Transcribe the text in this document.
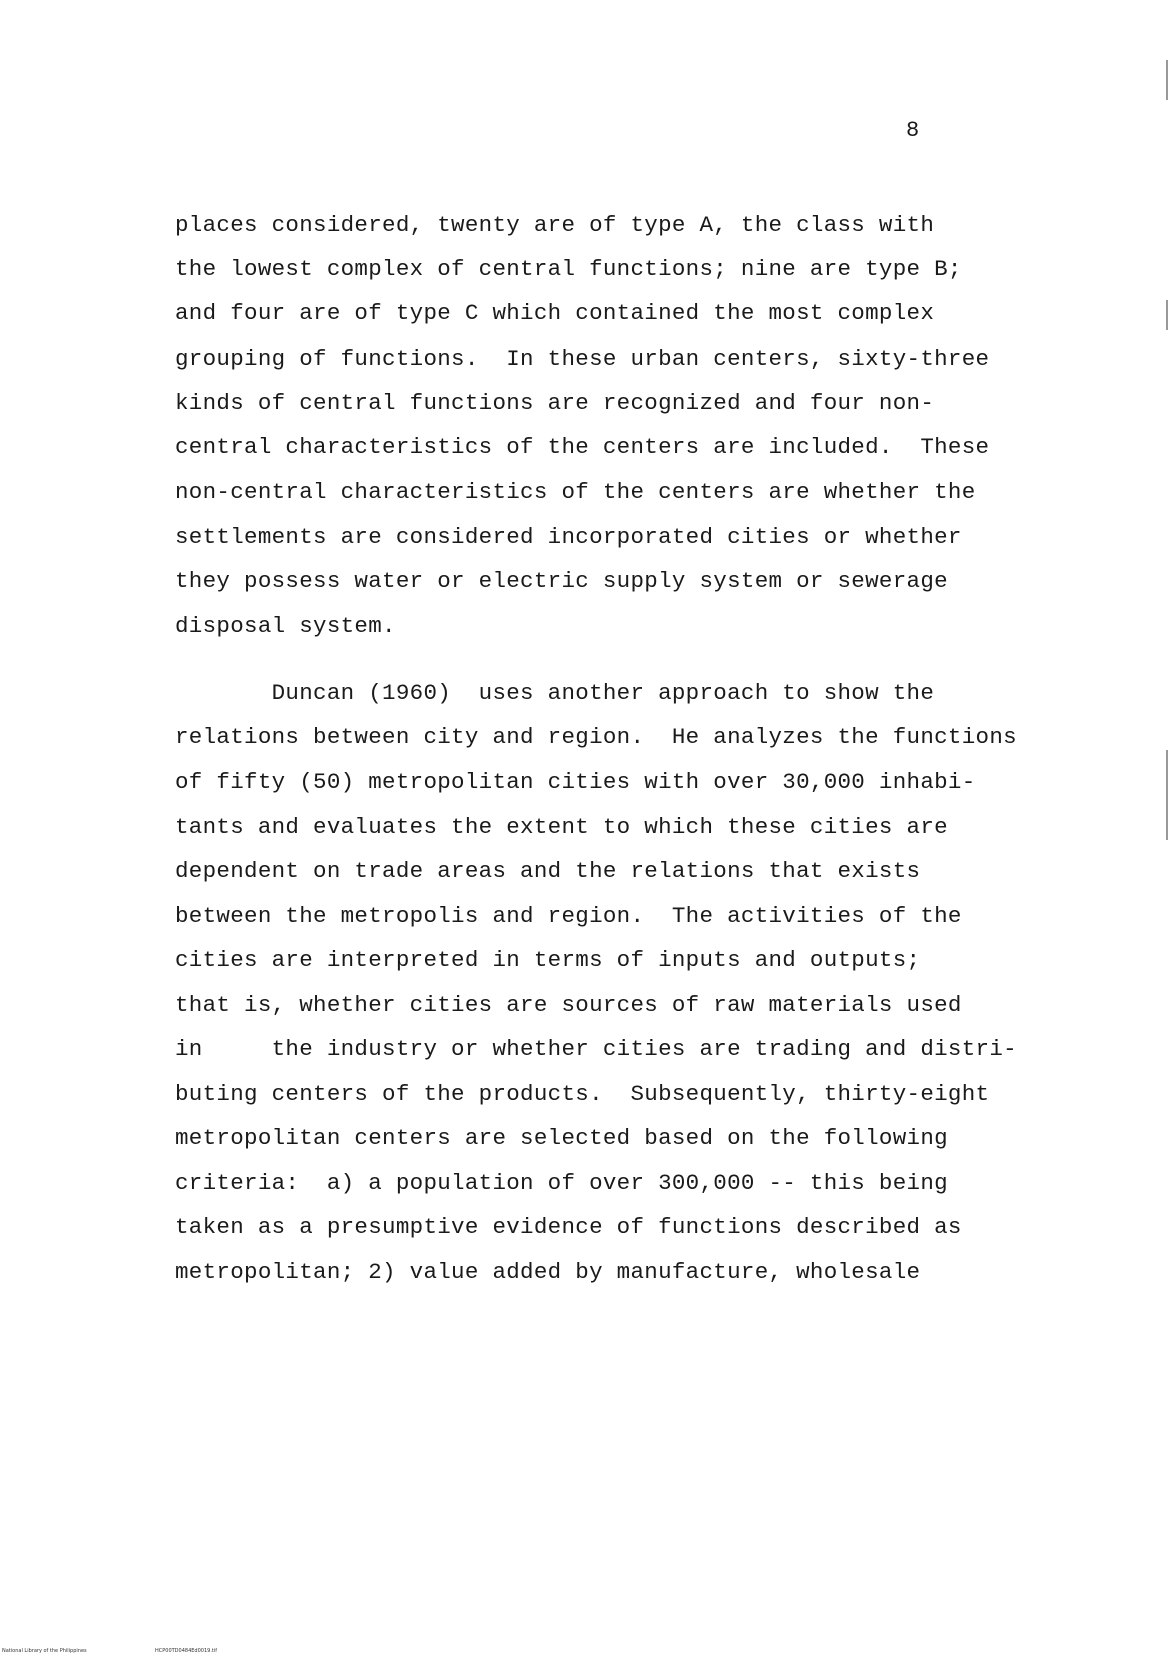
8
places considered, twenty are of type A, the class with
the lowest complex of central functions; nine are type B;
and four are of type C which contained the most complex
grouping of functions.  In these urban centers, sixty-three
kinds of central functions are recognized and four non-
central characteristics of the centers are included.  These
non-central characteristics of the centers are whether the
settlements are considered incorporated cities or whether
they possess water or electric supply system or sewerage
disposal system.
Duncan (1960)  uses another approach to show the
relations between city and region.  He analyzes the functions
of fifty (50) metropolitan cities with over 30,000 inhabi-
tants and evaluates the extent to which these cities are
dependent on trade areas and the relations that exists
between the metropolis and region.  The activities of the
cities are interpreted in terms of inputs and outputs;
that is, whether cities are sources of raw materials used
in     the industry or whether cities are trading and distri-
buting centers of the products.  Subsequently, thirty-eight
metropolitan centers are selected based on the following
criteria:  a) a population of over 300,000 -- this being
taken as a presumptive evidence of functions described as
metropolitan; 2) value added by manufacture, wholesale
National Library of the Philippines	HCP00TD0484Ed0019.tif
